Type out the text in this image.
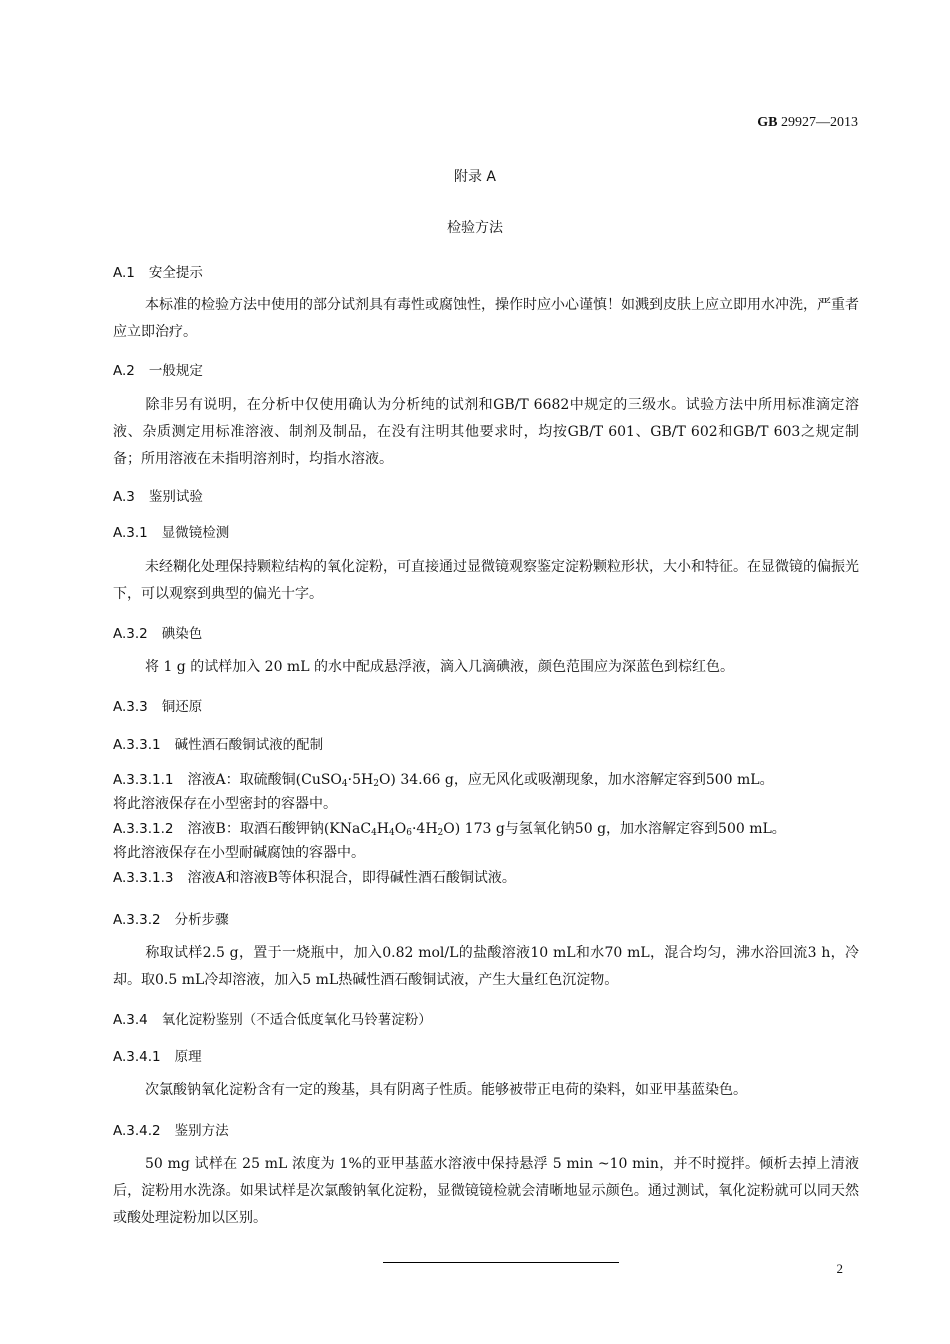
GB 29927—2013
附录 A
检验方法
A.1 安全提示
本标准的检验方法中使用的部分试剂具有毒性或腐蚀性，操作时应小心谨慎！如溅到皮肤上应立即用水冲洗，严重者应立即治疗。
A.2 一般规定
除非另有说明，在分析中仅使用确认为分析纯的试剂和GB/T 6682中规定的三级水。试验方法中所用标准滴定溶液、杂质测定用标准溶液、制剂及制品，在没有注明其他要求时，均按GB/T 601、GB/T 602和GB/T 603之规定制备；所用溶液在未指明溶剂时，均指水溶液。
A.3 鉴别试验
A.3.1 显微镜检测
未经糊化处理保持颗粒结构的氧化淀粉，可直接通过显微镜观察鉴定淀粉颗粒形状，大小和特征。在显微镜的偏振光下，可以观察到典型的偏光十字。
A.3.2 碘染色
将 1 g 的试样加入 20 mL 的水中配成悬浮液，滴入几滴碘液，颜色范围应为深蓝色到棕红色。
A.3.3 铜还原
A.3.3.1 碱性酒石酸铜试液的配制
A.3.3.1.1 溶液A：取硫酸铜$(CuSO_4\cdot 5H_2O)$ 34.66 g，应无风化或吸潮现象，加水溶解定容到500 mL。
将此溶液保存在小型密封的容器中。
A.3.3.1.2 溶液B：取酒石酸钾钠$(KNaC_4H_4O_6\cdot 4H_2O)$ 173 g与氢氧化钠50 g，加水溶解定容到500 mL。
将此溶液保存在小型耐碱腐蚀的容器中。
A.3.3.1.3 溶液A和溶液B等体积混合，即得碱性酒石酸铜试液。
A.3.3.2 分析步骤
称取试样2.5 g，置于一烧瓶中，加入0.82 mol/L的盐酸溶液10 mL和水70 mL，混合均匀，沸水浴回流3 h，冷却。取0.5 mL冷却溶液，加入5 mL热碱性酒石酸铜试液，产生大量红色沉淀物。
A.3.4 氧化淀粉鉴别（不适合低度氧化马铃薯淀粉）
A.3.4.1 原理
次氯酸钠氧化淀粉含有一定的羧基，具有阴离子性质。能够被带正电荷的染料，如亚甲基蓝染色。
A.3.4.2 鉴别方法
50 mg 试样在 25 mL 浓度为 1%的亚甲基蓝水溶液中保持悬浮 5 min ~10 min，并不时搅拌。倾析去掉上清液后，淀粉用水洗涤。如果试样是次氯酸钠氧化淀粉，显微镜镜检就会清晰地显示颜色。通过测试，氧化淀粉就可以同天然或酸处理淀粉加以区别。
2
